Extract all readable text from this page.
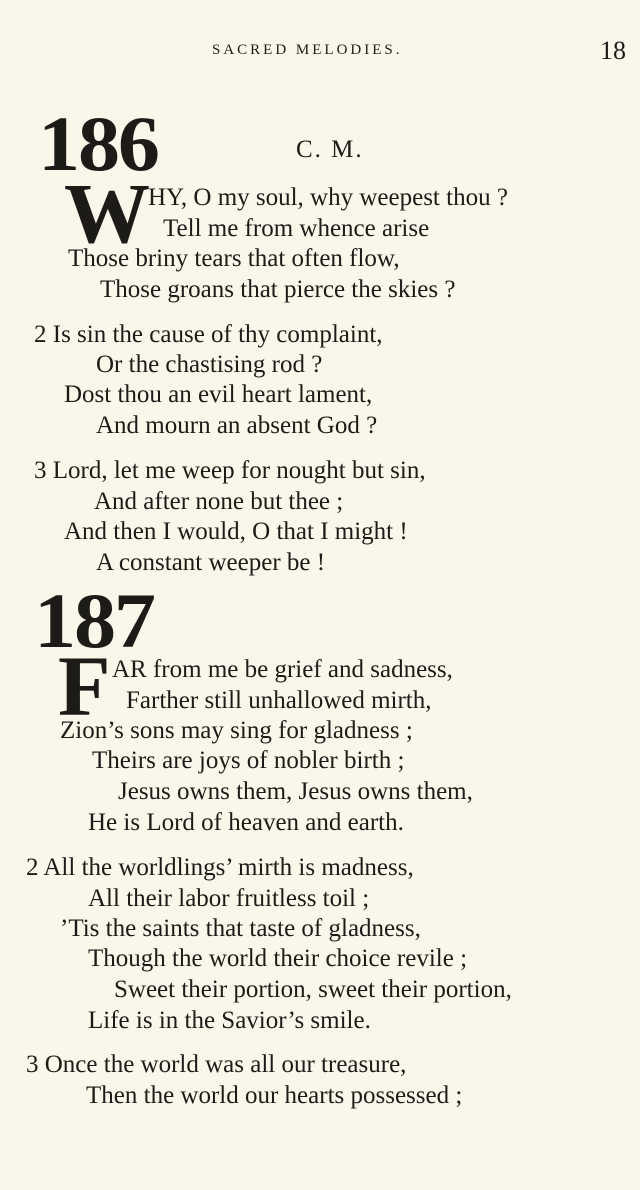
SACRED MELODIES.	18
186	C. M.
W
HY, O my soul, why weepest thou ?
Tell me from whence arise
Those briny tears that often flow,
Those groans that pierce the skies ?
2 Is sin the cause of thy complaint,
Or the chastising rod ?
Dost thou an evil heart lament,
And mourn an absent God ?
3 Lord, let me weep for nought but sin,
And after none but thee ;
And then I would, O that I might !
A constant weeper be !
187
F AR from me be grief and sadness,
Farther still unhallowed mirth,
Zion’s sons may sing for gladness ;
Theirs are joys of nobler birth ;
Jesus owns them, Jesus owns them,
He is Lord of heaven and earth.
2 All the worldlings’ mirth is madness,
All their labor fruitless toil ;
’Tis the saints that taste of gladness,
Though the world their choice revile ;
Sweet their portion, sweet their portion,
Life is in the Savior’s smile.
3 Once the world was all our treasure,
Then the world our hearts possessed ;
